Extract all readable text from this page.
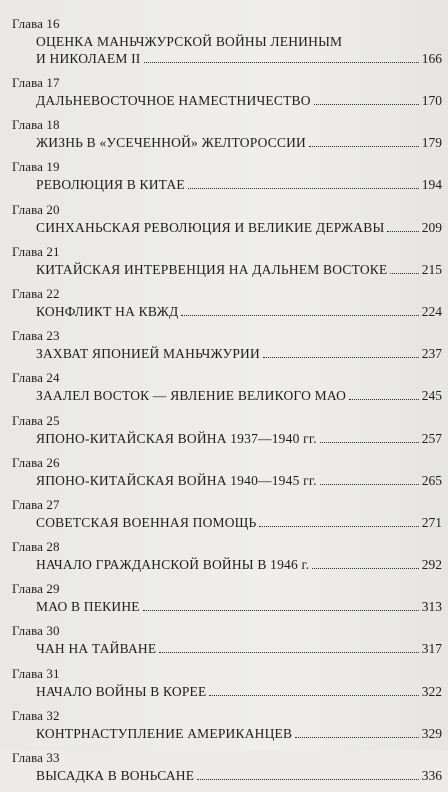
Глава 16
ОЦЕНКА МАНЬЧЖУРСКОЙ ВОЙНЫ ЛЕНИНЫМ
И НИКОЛАЕМ II	166
Глава 17
ДАЛЬНЕВОСТОЧНОЕ НАМЕСТНИЧЕСТВО	170
Глава 18
ЖИЗНЬ В «УСЕЧЕННОЙ» ЖЕЛТОРОССИИ	179
Глава 19
РЕВОЛЮЦИЯ В КИТАЕ	194
Глава 20
СИНХАНЬСКАЯ РЕВОЛЮЦИЯ И ВЕЛИКИЕ ДЕРЖАВЫ	209
Глава 21
КИТАЙСКАЯ ИНТЕРВЕНЦИЯ НА ДАЛЬНЕМ ВОСТОКЕ	215
Глава 22
КОНФЛИКТ НА КВЖД	224
Глава 23
ЗАХВАТ ЯПОНИЕЙ МАНЬЧЖУРИИ	237
Глава 24
ЗААЛЕЛ ВОСТОК — ЯВЛЕНИЕ ВЕЛИКОГО МАО	245
Глава 25
ЯПОНО-КИТАЙСКАЯ ВОЙНА 1937—1940 гг.	257
Глава 26
ЯПОНО-КИТАЙСКАЯ ВОЙНА 1940—1945 гг.	265
Глава 27
СОВЕТСКАЯ ВОЕННАЯ ПОМОЩЬ	271
Глава 28
НАЧАЛО ГРАЖДАНСКОЙ ВОЙНЫ В 1946 г.	292
Глава 29
МАО В ПЕКИНЕ	313
Глава 30
ЧАН НА ТАЙВАНЕ	317
Глава 31
НАЧАЛО ВОЙНЫ В КОРЕЕ	322
Глава 32
КОНТРНАСТУПЛЕНИЕ АМЕРИКАНЦЕВ	329
Глава 33
ВЫСАДКА В ВОНЬСАНЕ	336
